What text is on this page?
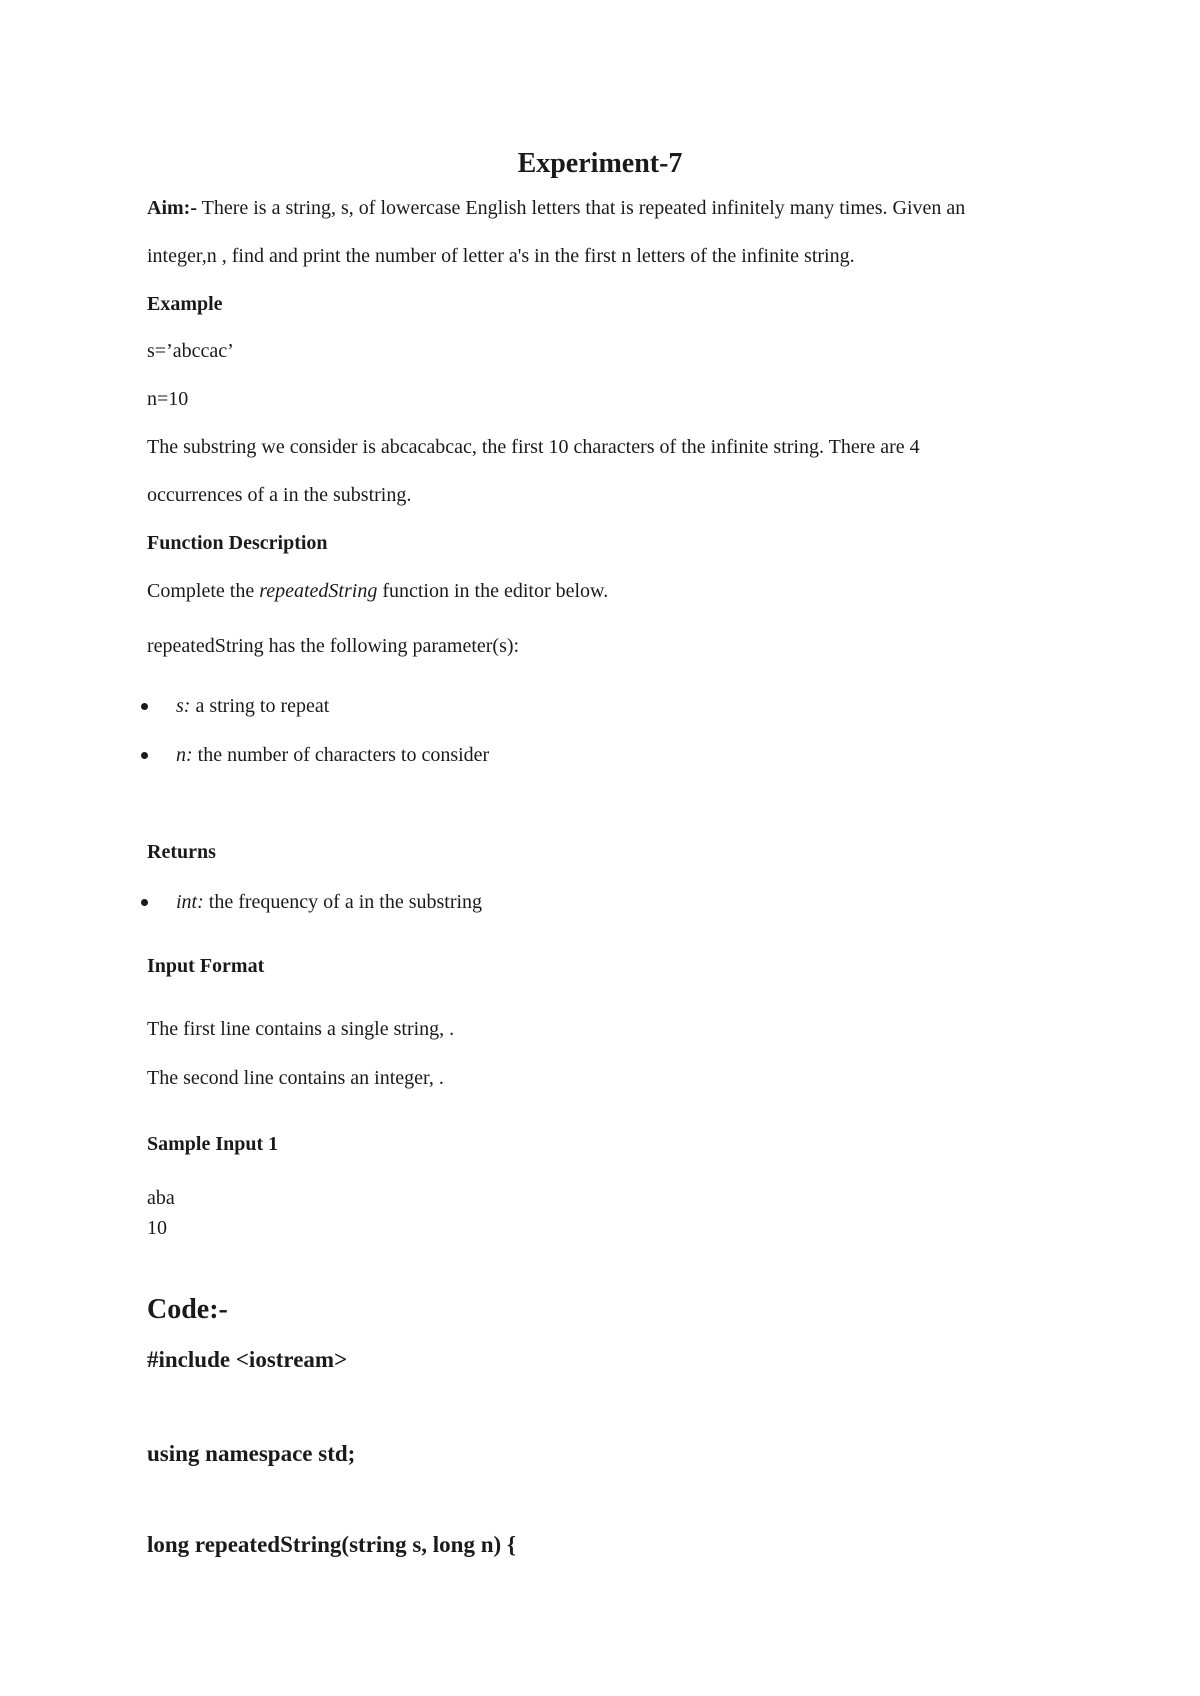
Experiment-7

Aim:- There is a string, s, of lowercase English letters that is repeated infinitely many times. Given an

integer,n , find and print the number of letter a's in the first n letters of the infinite string.

Example

s=’abccac’

n=10

The substring we consider is abcacabcac, the first 10 characters of the infinite string. There are 4

occurrences of a in the substring.

Function Description

Complete the repeatedString function in the editor below.

repeatedString has the following parameter(s):

s: a string to repeat

n: the number of characters to consider

Returns

int: the frequency of a in the substring

Input Format

The first line contains a single string, .

The second line contains an integer, .

Sample Input 1

aba

10

Code:-

#include <iostream>

using namespace std;

long repeatedString(string s, long n) {
